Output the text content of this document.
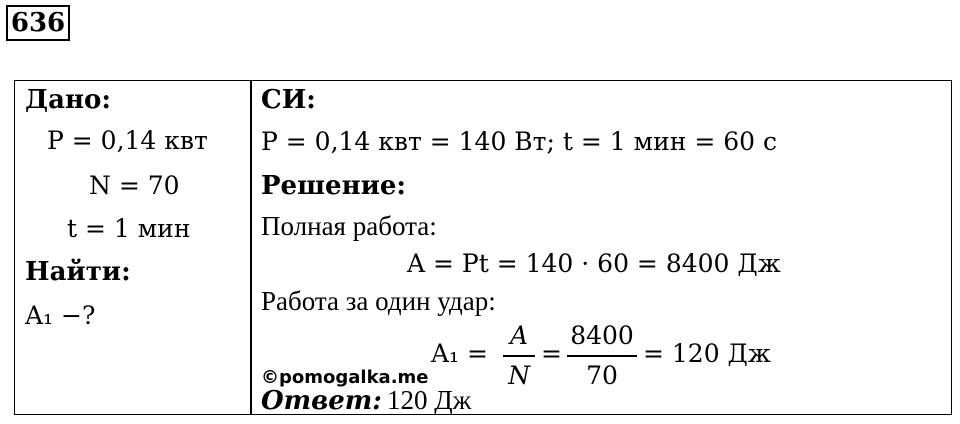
636
Дано:
P = 0,14 квт
N = 70
t = 1 мин
Найти:
A₁ −?
СИ:
P = 0,14 квт = 140 Вт; t = 1 мин = 60 с
Решение:
Полная работа:
A = Pt = 140 · 60 = 8400 Дж
Работа за один удар:
A₁ =
A
N
=
8400
70
= 120 Дж
©pomogalka.me
Ответ: 120 Дж
